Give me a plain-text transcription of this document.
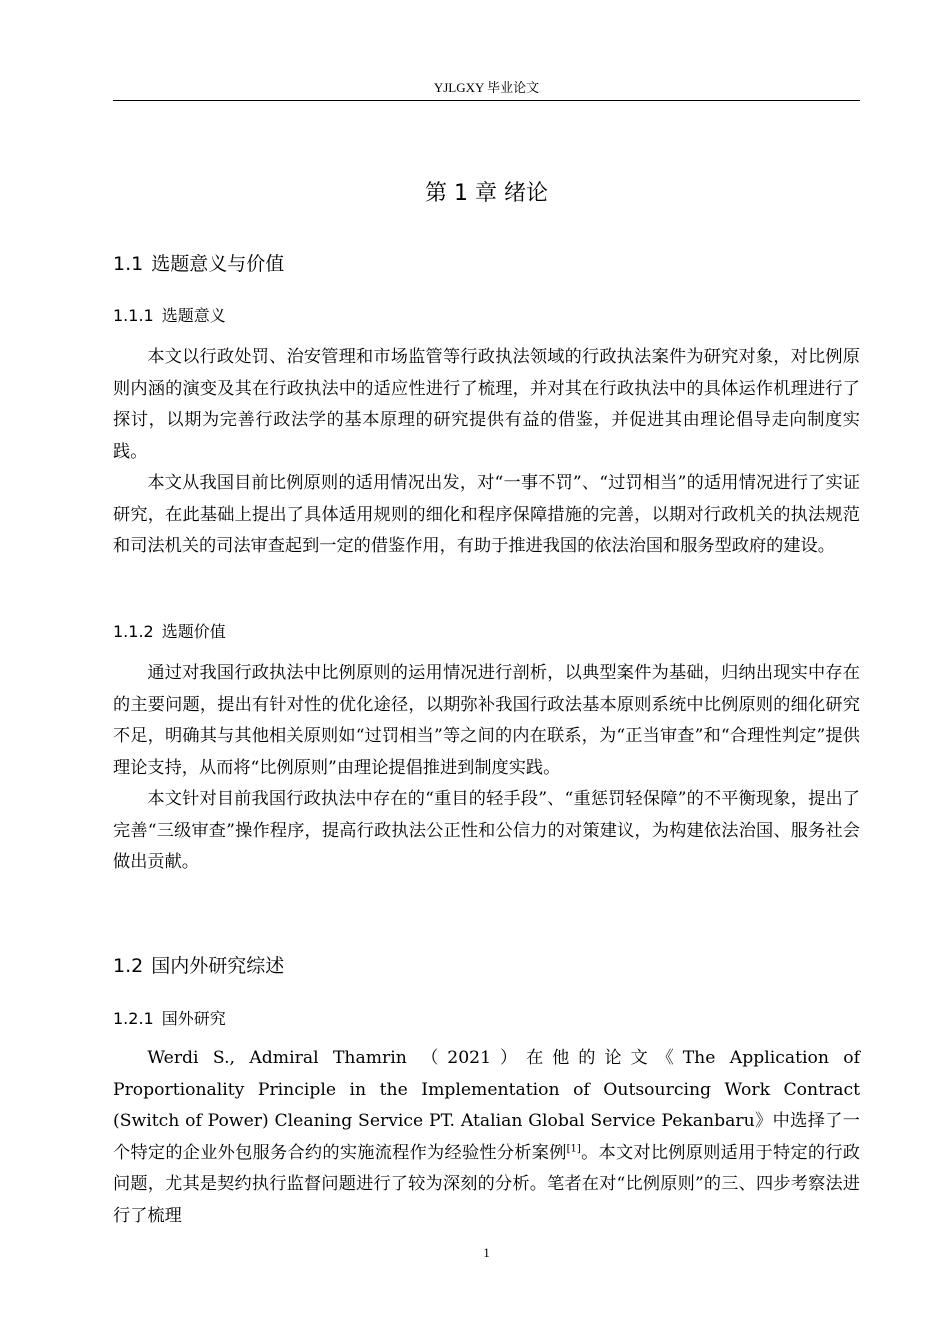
YJLGXY 毕业论文
第 1 章 绪论
1.1 选题意义与价值
1.1.1 选题意义

本文以行政处罚、治安管理和市场监管等行政执法领域的行政执法案件为研究对象，对比例原则内涵的演变及其在行政执法中的适应性进行了梳理，并对其在行政执法中的具体运作机理进行了探讨，以期为完善行政法学的基本原理的研究提供有益的借鉴，并促进其由理论倡导走向制度实践。

本文从我国目前比例原则的适用情况出发，对“一事不罚”、“过罚相当”的适用情况进行了实证研究，在此基础上提出了具体适用规则的细化和程序保障措施的完善，以期对行政机关的执法规范和司法机关的司法审查起到一定的借鉴作用，有助于推进我国的依法治国和服务型政府的建设。

1.1.2 选题价值

通过对我国行政执法中比例原则的运用情况进行剖析，以典型案件为基础，归纳出现实中存在的主要问题，提出有针对性的优化途径，以期弥补我国行政法基本原则系统中比例原则的细化研究不足，明确其与其他相关原则如“过罚相当”等之间的内在联系，为“正当审查”和“合理性判定”提供理论支持，从而将“比例原则”由理论提倡推进到制度实践。

本文针对目前我国行政执法中存在的“重目的轻手段”、“重惩罚轻保障”的不平衡现象，提出了完善“三级审查”操作程序，提高行政执法公正性和公信力的对策建议，为构建依法治国、服务社会做出贡献。

1.2 国内外研究综述
1.2.1 国外研究

Werdi S., Admiral Thamrin （2021）在他的论文《The Application of Proportionality Principle in the Implementation of Outsourcing Work Contract (Switch of Power) Cleaning Service PT. Atalian Global Service Pekanbaru》中选择了一个特定的企业外包服务合约的实施流程作为经验性分析案例[1]。本文对比例原则适用于特定的行政问题，尤其是契约执行监督问题进行了较为深刻的分析。笔者在对“比例原则”的三、四步考察法进行了梳理

1
